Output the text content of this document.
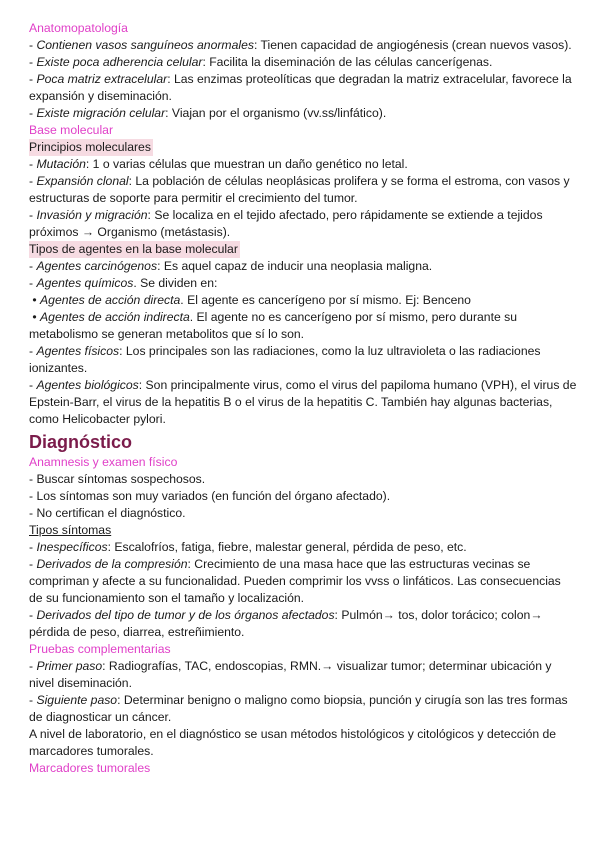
Anatomopatología

- Contienen vasos sanguíneos anormales: Tienen capacidad de angiogénesis (crean nuevos vasos).

- Existe poca adherencia celular: Facilita la diseminación de las células cancerígenas.

- Poca matriz extracelular: Las enzimas proteolíticas que degradan la matriz extracelular, favorece la expansión y diseminación.

- Existe migración celular: Viajan por el organismo (vv.ss/linfático).

Base molecular
Principios moleculares

- Mutación: 1 o varias células que muestran un daño genético no letal.

- Expansión clonal: La población de células neoplásicas prolifera y se forma el estroma, con vasos y estructuras de soporte para permitir el crecimiento del tumor.

- Invasión y migración: Se localiza en el tejido afectado, pero rápidamente se extiende a tejidos próximos → Organismo (metástasis).

Tipos de agentes en la base molecular

- Agentes carcinógenos: Es aquel capaz de inducir una neoplasia maligna.

- Agentes químicos. Se dividen en:

• Agentes de acción directa. El agente es cancerígeno por sí mismo. Ej: Benceno

• Agentes de acción indirecta. El agente no es cancerígeno por sí mismo, pero durante su metabolismo se generan metabolitos que sí lo son.

- Agentes físicos: Los principales son las radiaciones, como la luz ultravioleta o las radiaciones ionizantes.

- Agentes biológicos: Son principalmente virus, como el virus del papiloma humano (VPH), el virus de Epstein-Barr, el virus de la hepatitis B o el virus de la hepatitis C. También hay algunas bacterias, como Helicobacter pylori.

Diagnóstico
Anamnesis y examen físico

- Buscar síntomas sospechosos.

- Los síntomas son muy variados (en función del órgano afectado).

- No certifican el diagnóstico.

Tipos síntomas

- Inespecíficos: Escalofríos, fatiga, fiebre, malestar general, pérdida de peso, etc.

- Derivados de la compresión: Crecimiento de una masa hace que las estructuras vecinas se compriman y afecte a su funcionalidad. Pueden comprimir los vvss o linfáticos. Las consecuencias de su funcionamiento son el tamaño y localización.

- Derivados del tipo de tumor y de los órganos afectados: Pulmón→ tos, dolor torácico; colon→ pérdida de peso, diarrea, estreñimiento.

Pruebas complementarias

- Primer paso: Radiografías, TAC, endoscopias, RMN.→ visualizar tumor; determinar ubicación y nivel diseminación.

- Siguiente paso: Determinar benigno o maligno como biopsia, punción y cirugía son las tres formas de diagnosticar un cáncer.

A nivel de laboratorio, en el diagnóstico se usan métodos histológicos y citológicos y detección de marcadores tumorales.

Marcadores tumorales
